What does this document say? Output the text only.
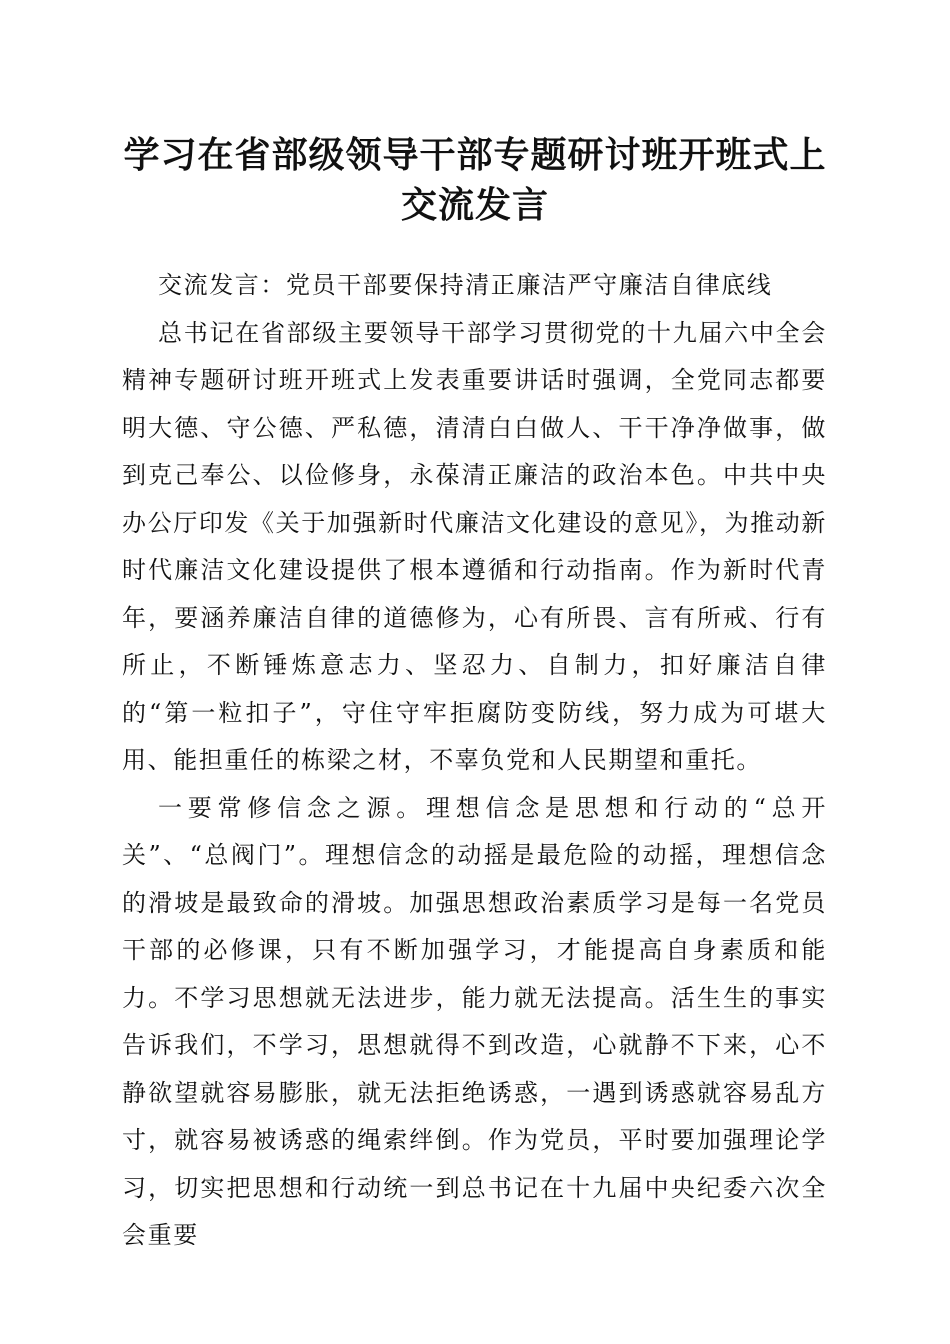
学习在省部级领导干部专题研讨班开班式上交流发言

交流发言：党员干部要保持清正廉洁严守廉洁自律底线

总书记在省部级主要领导干部学习贯彻党的十九届六中全会精神专题研讨班开班式上发表重要讲话时强调，全党同志都要明大德、守公德、严私德，清清白白做人、干干净净做事，做到克己奉公、以俭修身，永葆清正廉洁的政治本色。中共中央办公厅印发《关于加强新时代廉洁文化建设的意见》，为推动新时代廉洁文化建设提供了根本遵循和行动指南。作为新时代青年，要涵养廉洁自律的道德修为，心有所畏、言有所戒、行有所止，不断锤炼意志力、坚忍力、自制力，扣好廉洁自律的“第一粒扣子”，守住守牢拒腐防变防线，努力成为可堪大用、能担重任的栋梁之材，不辜负党和人民期望和重托。

一要常修信念之源。理想信念是思想和行动的“总开关”、“总阀门”。理想信念的动摇是最危险的动摇，理想信念的滑坡是最致命的滑坡。加强思想政治素质学习是每一名党员干部的必修课，只有不断加强学习，才能提高自身素质和能力。不学习思想就无法进步，能力就无法提高。活生生的事实告诉我们，不学习，思想就得不到改造，心就静不下来，心不静欲望就容易膨胀，就无法拒绝诱惑，一遇到诱惑就容易乱方寸，就容易被诱惑的绳索绊倒。作为党员，平时要加强理论学习，切实把思想和行动统一到总书记在十九届中央纪委六次全会重要
